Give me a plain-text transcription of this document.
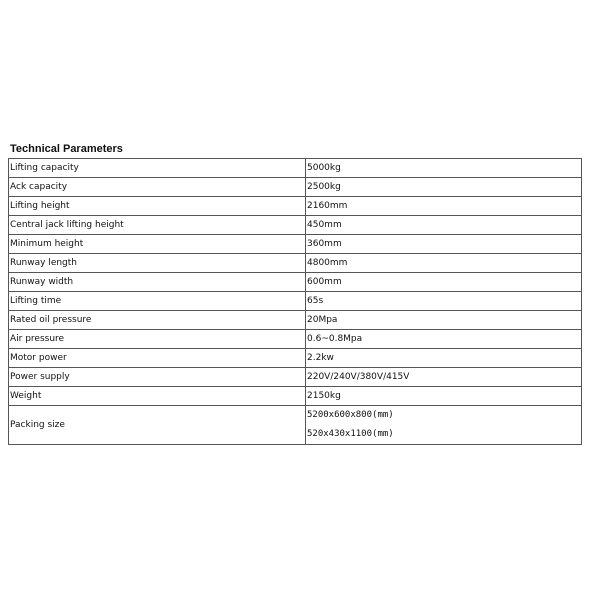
Technical Parameters
Lifting capacity	5000kg
Ack capacity	2500kg
Lifting height	2160mm
Central jack lifting height	450mm
Minimum height	360mm
Runway length	4800mm
Runway width	600mm
Lifting time	65s
Rated oil pressure	20Mpa
Air pressure	0.6~0.8Mpa
Motor power	2.2kw
Power supply	220V/240V/380V/415V
Weight	2150kg
Packing size	5200x600x800(mm)
520x430x1100(mm)
